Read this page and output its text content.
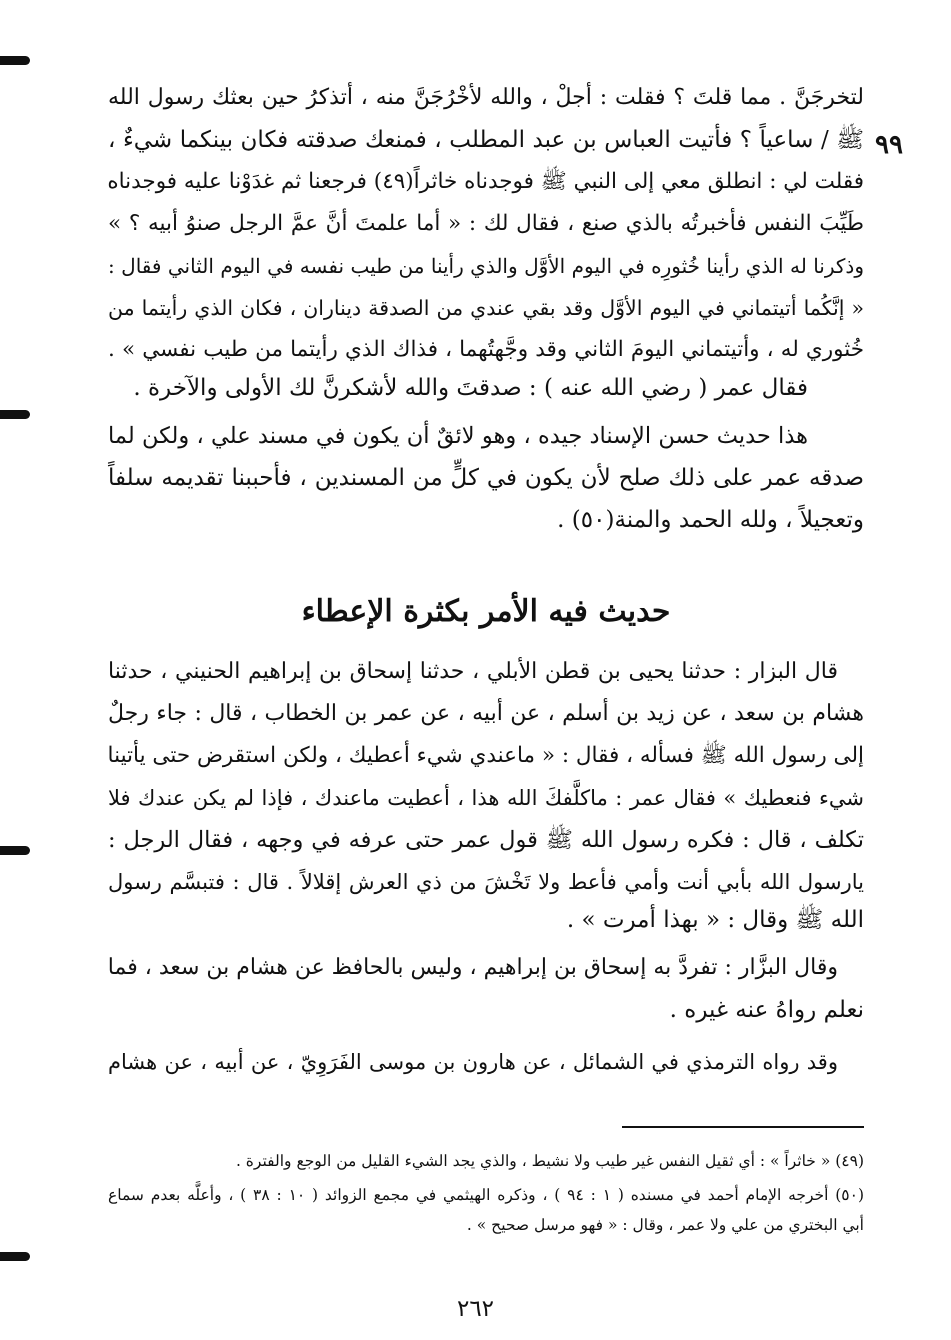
٩٩
لتخرجَنَّ . مما قلتَ ؟ فقلت : أجلْ ، والله لأخْرُجَنَّ منه ، أتذكرُ حين بعثك رسول الله
ﷺ / ساعياً ؟ فأتيت العباس بن عبد المطلب ، فمنعك صدقته فكان بينكما شيءٌ ،
فقلت لي : انطلق معي إلى النبي ﷺ فوجدناه خاثراً(٤٩) فرجعنا ثم غدَوْنا عليه فوجدناه
طَيِّبَ النفس فأخبرتُه بالذي صنع ، فقال لك : « أما علمتَ أنَّ عمَّ الرجل صنوُ أبيه ؟ »
وذكرنا له الذي رأينا خُثورِه في اليوم الأوَّل والذي رأينا من طيب نفسه في اليوم الثاني فقال :
« إنَّكُما أتيتماني في اليوم الأوَّل وقد بقي عندي من الصدقة ديناران ، فكان الذي رأيتما من
خُثوري له ، وأتيتماني اليومَ الثاني وقد وجَّهتُهما ، فذاك الذي رأيتما من طيب نفسي » .
فقال عمر ( رضي الله عنه ) : صدقتَ والله لأشكرنَّ لك الأولى والآخرة .
هذا حديث حسن الإسناد جيده ، وهو لائقٌ أن يكون في مسند علي ، ولكن لما
صدقه عمر على ذلك صلح لأن يكون في كلٍّ من المسندين ، فأحببنا تقديمه سلفاً
وتعجيلاً ، ولله الحمد والمنة(٥٠) .
حديث فيه الأمر بكثرة الإعطاء
قال البزار : حدثنا يحيى بن قطن الأبلي ، حدثنا إسحاق بن إبراهيم الحنيني ، حدثنا
هشام بن سعد ، عن زيد بن أسلم ، عن أبيه ، عن عمر بن الخطاب ، قال : جاء رجلٌ
إلى رسول الله ﷺ فسأله ، فقال : « ماعندي شيء أعطيك ، ولكن استقرض حتى يأتينا
شيء فنعطيك » فقال عمر : ماكلَّفكَ الله هذا ، أعطيت ماعندك ، فإذا لم يكن عندك فلا
تكلف ، قال : فكره رسول الله ﷺ قول عمر حتى عرفه في وجهه ، فقال الرجل :
يارسول الله بأبي أنت وأمي فأعط ولا تَخْشَ من ذي العرش إقلالاً . قال : فتبسَّم رسول
الله ﷺ وقال : « بهذا أمرت » .
وقال البزَّار : تفردَّ به إسحاق بن إبراهيم ، وليس بالحافظ عن هشام بن سعد ، فما
نعلم رواهُ عنه غيره .
وقد رواه الترمذي في الشمائل ، عن هارون بن موسى الفَرَوِيّ ، عن أبيه ، عن هشام
(٤٩) « خاثراً » : أي ثقيل النفس غير طيب ولا نشيط ، والذي يجد الشيء القليل من الوجع والفترة .
(٥٠) أخرجه الإمام أحمد في مسنده ( ١ : ٩٤ ) ، وذكره الهيثمي في مجمع الزوائد ( ١٠ : ٣٨ ) ، وأعلَّه بعدم سماع
أبي البختري من علي ولا عمر ، وقال : « فهو مرسل صحيح » .
٢٦٢
